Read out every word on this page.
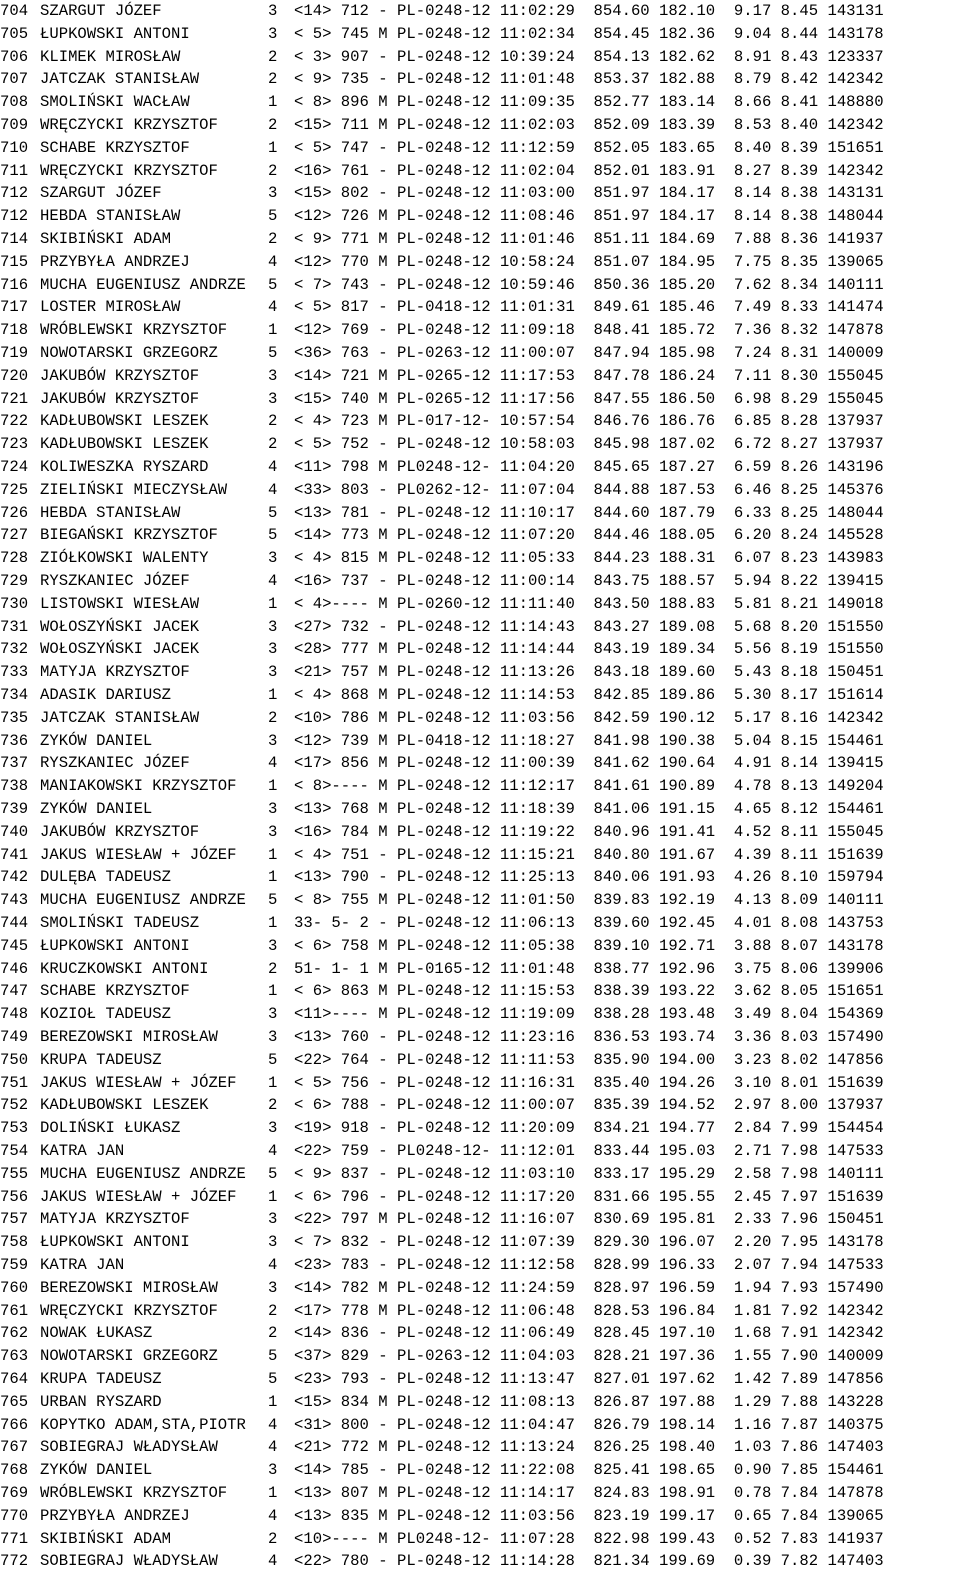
704 SZARGUT JÓZEF	3 <14> 712 - PL-0248-12 11:02:29  854.60 182.10  9.17 8.45 143131
705 ŁUPKOWSKI ANTONI	3 < 5> 745 M PL-0248-12 11:02:34  854.45 182.36  9.04 8.44 143178
706 KLIMEK MIROSŁAW	2 < 3> 907 - PL-0248-12 10:39:24  854.13 182.62  8.91 8.43 123337
707 JATCZAK STANISŁAW	2 < 9> 735 - PL-0248-12 11:01:48  853.37 182.88  8.79 8.42 142342
708 SMOLIŃSKI WACŁAW	1 < 8> 896 M PL-0248-12 11:09:35  852.77 183.14  8.66 8.41 148880
709 WRĘCZYCKI KRZYSZTOF	2 <15> 711 M PL-0248-12 11:02:03  852.09 183.39  8.53 8.40 142342
710 SCHABE KRZYSZTOF	1 < 5> 747 - PL-0248-12 11:12:59  852.05 183.65  8.40 8.39 151651
711 WRĘCZYCKI KRZYSZTOF	2 <16> 761 - PL-0248-12 11:02:04  852.01 183.91  8.27 8.39 142342
712 SZARGUT JÓZEF	3 <15> 802 - PL-0248-12 11:03:00  851.97 184.17  8.14 8.38 143131
712 HEBDA STANISŁAW	5 <12> 726 M PL-0248-12 11:08:46  851.97 184.17  8.14 8.38 148044
714 SKIBIŃSKI ADAM	2 < 9> 771 M PL-0248-12 11:01:46  851.11 184.69  7.88 8.36 141937
715 PRZYBYŁA ANDRZEJ	4 <12> 770 M PL-0248-12 10:58:24  851.07 184.95  7.75 8.35 139065
716 MUCHA EUGENIUSZ ANDRZE 5 < 7> 743 - PL-0248-12 10:59:46  850.36 185.20  7.62 8.34 140111
717 LOSTER MIROSŁAW	4 < 5> 817 - PL-0418-12 11:01:31  849.61 185.46  7.49 8.33 141474
718 WRÓBLEWSKI KRZYSZTOF	1 <12> 769 - PL-0248-12 11:09:18  848.41 185.72  7.36 8.32 147878
719 NOWOTARSKI GRZEGORZ	5 <36> 763 - PL-0263-12 11:00:07  847.94 185.98  7.24 8.31 140009
720 JAKUBÓW KRZYSZTOF	3 <14> 721 M PL-0265-12 11:17:53  847.78 186.24  7.11 8.30 155045
721 JAKUBÓW KRZYSZTOF	3 <15> 740 M PL-0265-12 11:17:56  847.55 186.50  6.98 8.29 155045
722 KADŁUBOWSKI LESZEK	2 < 4> 723 M PL-017-12- 10:57:54  846.76 186.76  6.85 8.28 137937
723 KADŁUBOWSKI LESZEK	2 < 5> 752 - PL-0248-12 10:58:03  845.98 187.02  6.72 8.27 137937
724 KOLIWESZKA RYSZARD	4 <11> 798 M PL0248-12- 11:04:20  845.65 187.27  6.59 8.26 143196
725 ZIELIŃSKI MIECZYSŁAW	4 <33> 803 - PL0262-12- 11:07:04  844.88 187.53  6.46 8.25 145376
726 HEBDA STANISŁAW	5 <13> 781 - PL-0248-12 11:10:17  844.60 187.79  6.33 8.25 148044
727 BIEGAŃSKI KRZYSZTOF	5 <14> 773 M PL-0248-12 11:07:20  844.46 188.05  6.20 8.24 145528
728 ZIÓŁKOWSKI WALENTY	3 < 4> 815 M PL-0248-12 11:05:33  844.23 188.31  6.07 8.23 143983
729 RYSZKANIEC JÓZEF	4 <16> 737 - PL-0248-12 11:00:14  843.75 188.57  5.94 8.22 139415
730 LISTOWSKI WIESŁAW	1 < 4>---- M PL-0260-12 11:11:40  843.50 188.83  5.81 8.21 149018
731 WOŁOSZYŃSKI JACEK	3 <27> 732 - PL-0248-12 11:14:43  843.27 189.08  5.68 8.20 151550
732 WOŁOSZYŃSKI JACEK	3 <28> 777 M PL-0248-12 11:14:44  843.19 189.34  5.56 8.19 151550
733 MATYJA KRZYSZTOF	3 <21> 757 M PL-0248-12 11:13:26  843.18 189.60  5.43 8.18 150451
734 ADASIK DARIUSZ	1 < 4> 868 M PL-0248-12 11:14:53  842.85 189.86  5.30 8.17 151614
735 JATCZAK STANISŁAW	2 <10> 786 M PL-0248-12 11:03:56  842.59 190.12  5.17 8.16 142342
736 ZYKÓW DANIEL	3 <12> 739 M PL-0418-12 11:18:27  841.98 190.38  5.04 8.15 154461
737 RYSZKANIEC JÓZEF	4 <17> 856 M PL-0248-12 11:00:39  841.62 190.64  4.91 8.14 139415
738 MANIAKOWSKI KRZYSZTOF 1 < 8>---- M PL-0248-12 11:12:17  841.61 190.89  4.78 8.13 149204
739 ZYKÓW DANIEL	3 <13> 768 M PL-0248-12 11:18:39  841.06 191.15  4.65 8.12 154461
740 JAKUBÓW KRZYSZTOF	3 <16> 784 M PL-0248-12 11:19:22  840.96 191.41  4.52 8.11 155045
741 JAKUS WIESŁAW + JÓZEF 1 < 4> 751 - PL-0248-12 11:15:21  840.80 191.67  4.39 8.11 151639
742 DULĘBA TADEUSZ	1 <13> 790 - PL-0248-12 11:25:13  840.06 191.93  4.26 8.10 159794
743 MUCHA EUGENIUSZ ANDRZE 5 < 8> 755 M PL-0248-12 11:01:50  839.83 192.19  4.13 8.09 140111
744 SMOLIŃSKI TADEUSZ	1 33- 5- 2 - PL-0248-12 11:06:13  839.60 192.45  4.01 8.08 143753
745 ŁUPKOWSKI ANTONI	3 < 6> 758 M PL-0248-12 11:05:38  839.10 192.71  3.88 8.07 143178
746 KRUCZKOWSKI ANTONI	2 51- 1- 1 M PL-0165-12 11:01:48  838.77 192.96  3.75 8.06 139906
747 SCHABE KRZYSZTOF	1 < 6> 863 M PL-0248-12 11:15:53  838.39 193.22  3.62 8.05 151651
748 KOZIOŁ TADEUSZ	3 <11>---- M PL-0248-12 11:19:09  838.28 193.48  3.49 8.04 154369
749 BEREZOWSKI MIROSŁAW	3 <13> 760 - PL-0248-12 11:23:16  836.53 193.74  3.36 8.03 157490
750 KRUPA TADEUSZ	5 <22> 764 - PL-0248-12 11:11:53  835.90 194.00  3.23 8.02 147856
751 JAKUS WIESŁAW + JÓZEF 1 < 5> 756 - PL-0248-12 11:16:31  835.40 194.26  3.10 8.01 151639
752 KADŁUBOWSKI LESZEK	2 < 6> 788 - PL-0248-12 11:00:07  835.39 194.52  2.97 8.00 137937
753 DOLIŃSKI ŁUKASZ	3 <19> 918 - PL-0248-12 11:20:09  834.21 194.77  2.84 7.99 154454
754 KATRA JAN	4 <22> 759 - PL0248-12- 11:12:01  833.44 195.03  2.71 7.98 147533
755 MUCHA EUGENIUSZ ANDRZE 5 < 9> 837 - PL-0248-12 11:03:10  833.17 195.29  2.58 7.98 140111
756 JAKUS WIESŁAW + JÓZEF 1 < 6> 796 - PL-0248-12 11:17:20  831.66 195.55  2.45 7.97 151639
757 MATYJA KRZYSZTOF	3 <22> 797 M PL-0248-12 11:16:07  830.69 195.81  2.33 7.96 150451
758 ŁUPKOWSKI ANTONI	3 < 7> 832 - PL-0248-12 11:07:39  829.30 196.07  2.20 7.95 143178
759 KATRA JAN	4 <23> 783 - PL-0248-12 11:12:58  828.99 196.33  2.07 7.94 147533
760 BEREZOWSKI MIROSŁAW	3 <14> 782 M PL-0248-12 11:24:59  828.97 196.59  1.94 7.93 157490
761 WRĘCZYCKI KRZYSZTOF	2 <17> 778 M PL-0248-12 11:06:48  828.53 196.84  1.81 7.92 142342
762 NOWAK ŁUKASZ	2 <14> 836 - PL-0248-12 11:06:49  828.45 197.10  1.68 7.91 142342
763 NOWOTARSKI GRZEGORZ	5 <37> 829 - PL-0263-12 11:04:03  828.21 197.36  1.55 7.90 140009
764 KRUPA TADEUSZ	5 <23> 793 - PL-0248-12 11:13:47  827.01 197.62  1.42 7.89 147856
765 URBAN RYSZARD	1 <15> 834 M PL-0248-12 11:08:13  826.87 197.88  1.29 7.88 143228
766 KOPYTKO ADAM,STA,PIOTR 4 <31> 800 - PL-0248-12 11:04:47  826.79 198.14  1.16 7.87 140375
767 SOBIEGRAJ WŁADYSŁAW	4 <21> 772 M PL-0248-12 11:13:24  826.25 198.40  1.03 7.86 147403
768 ZYKÓW DANIEL	3 <14> 785 - PL-0248-12 11:22:08  825.41 198.65  0.90 7.85 154461
769 WRÓBLEWSKI KRZYSZTOF	1 <13> 807 M PL-0248-12 11:14:17  824.83 198.91  0.78 7.84 147878
770 PRZYBYŁA ANDRZEJ	4 <13> 835 M PL-0248-12 11:03:56  823.19 199.17  0.65 7.84 139065
771 SKIBIŃSKI ADAM	2 <10>---- M PL0248-12- 11:07:28  822.98 199.43  0.52 7.83 141937
772 SOBIEGRAJ WŁADYSŁAW	4 <22> 780 - PL-0248-12 11:14:28  821.34 199.69  0.39 7.82 147403
